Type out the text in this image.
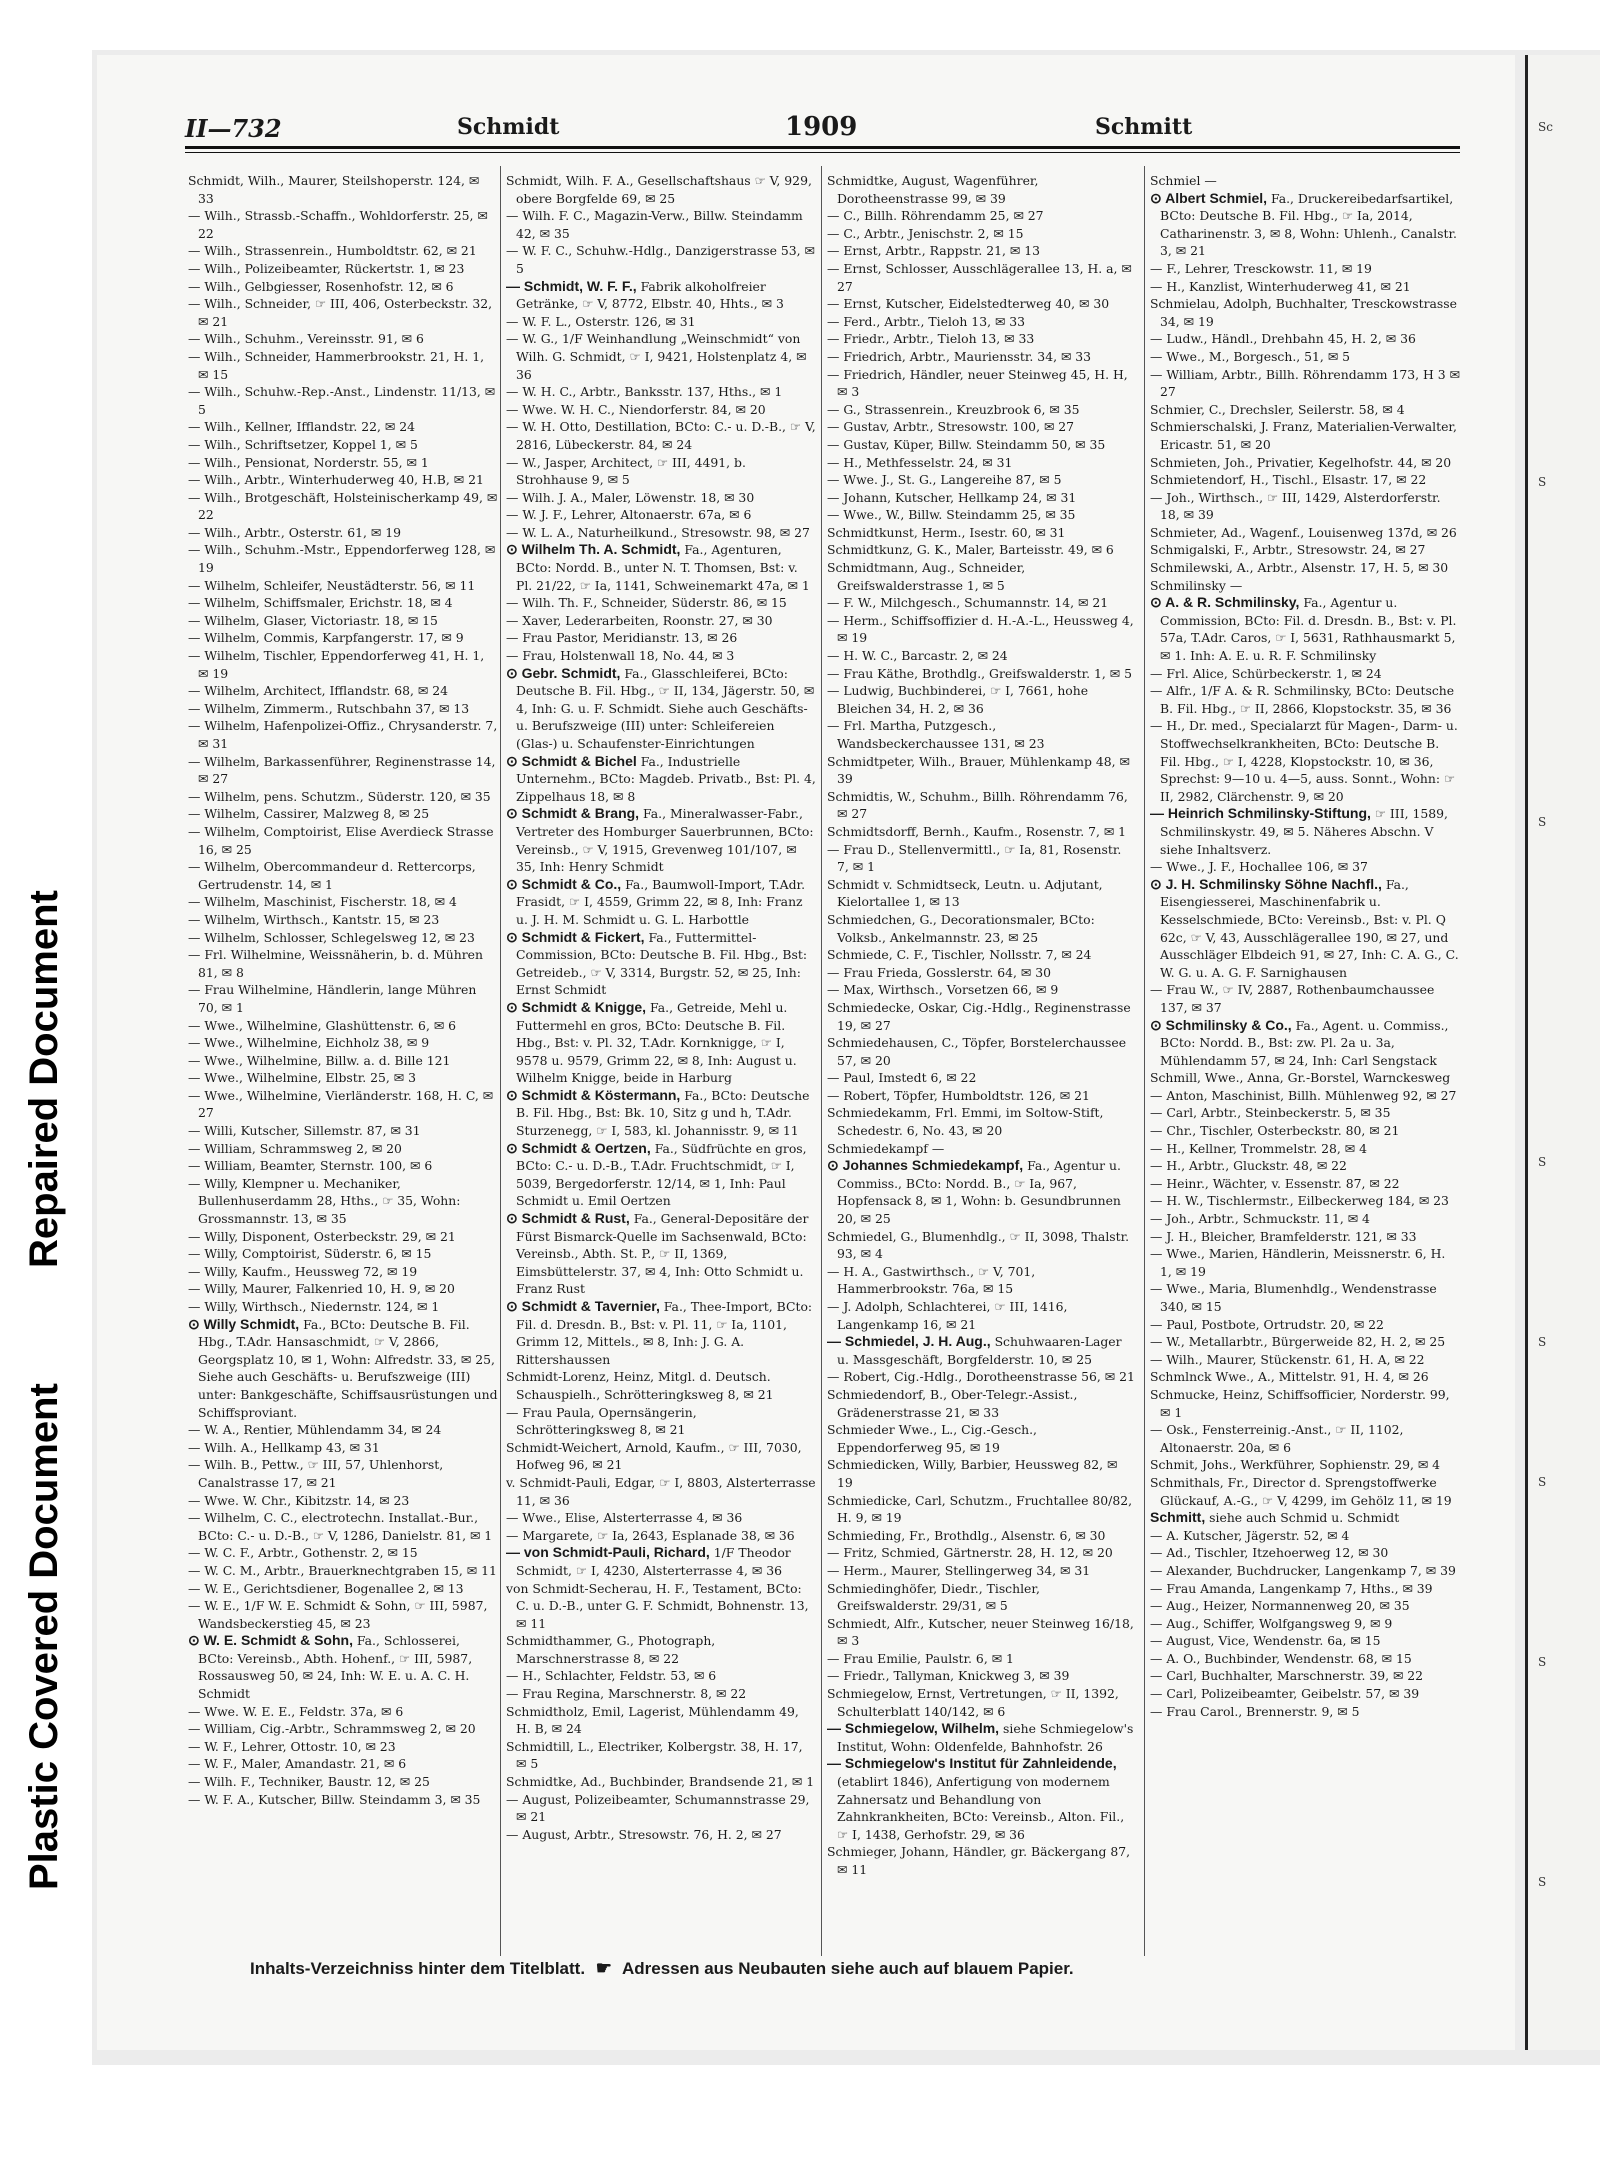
Repaired Document
Plastic Covered Document
Sc
S
S
S
S
S
S
S
II—732	Schmidt	1909	Schmitt
Schmidt, Wilh., Maurer, Steilshoperstr. 124, ✉ 33
— Wilh., Strassb.-Schaffn., Wohldorferstr. 25, ✉ 22
— Wilh., Strassenrein., Humboldtstr. 62, ✉ 21
— Wilh., Polizeibeamter, Rückertstr. 1, ✉ 23
— Wilh., Gelbgiesser, Rosenhofstr. 12, ✉ 6
— Wilh., Schneider, ☞ III, 406, Osterbeckstr. 32, ✉ 21
— Wilh., Schuhm., Vereinsstr. 91, ✉ 6
— Wilh., Schneider, Hammerbrookstr. 21, H. 1, ✉ 15
— Wilh., Schuhw.-Rep.-Anst., Lindenstr. 11/13, ✉ 5
— Wilh., Kellner, Ifflandstr. 22, ✉ 24
— Wilh., Schriftsetzer, Koppel 1, ✉ 5
— Wilh., Pensionat, Norderstr. 55, ✉ 1
— Wilh., Arbtr., Winterhuderweg 40, H.B, ✉ 21
— Wilh., Brotgeschäft, Holsteinischerkamp 49, ✉ 22
— Wilh., Arbtr., Osterstr. 61, ✉ 19
— Wilh., Schuhm.-Mstr., Eppendorferweg 128, ✉ 19
— Wilhelm, Schleifer, Neustädterstr. 56, ✉ 11
— Wilhelm, Schiffsmaler, Erichstr. 18, ✉ 4
— Wilhelm, Glaser, Victoriastr. 18, ✉ 15
— Wilhelm, Commis, Karpfangerstr. 17, ✉ 9
— Wilhelm, Tischler, Eppendorferweg 41, H. 1, ✉ 19
— Wilhelm, Architect, Ifflandstr. 68, ✉ 24
— Wilhelm, Zimmerm., Rutschbahn 37, ✉ 13
— Wilhelm, Hafenpolizei-Offiz., Chrysanderstr. 7, ✉ 31
— Wilhelm, Barkassenführer, Reginenstrasse 14, ✉ 27
— Wilhelm, pens. Schutzm., Süderstr. 120, ✉ 35
— Wilhelm, Cassirer, Malzweg 8, ✉ 25
— Wilhelm, Comptoirist, Elise Averdieck Strasse 16, ✉ 25
— Wilhelm, Obercommandeur d. Rettercorps, Gertrudenstr. 14, ✉ 1
— Wilhelm, Maschinist, Fischerstr. 18, ✉ 4
— Wilhelm, Wirthsch., Kantstr. 15, ✉ 23
— Wilhelm, Schlosser, Schlegelsweg 12, ✉ 23
— Frl. Wilhelmine, Weissnäherin, b. d. Mühren 81, ✉ 8
— Frau Wilhelmine, Händlerin, lange Mühren 70, ✉ 1
— Wwe., Wilhelmine, Glashüttenstr. 6, ✉ 6
— Wwe., Wilhelmine, Eichholz 38, ✉ 9
— Wwe., Wilhelmine, Billw. a. d. Bille 121
— Wwe., Wilhelmine, Elbstr. 25, ✉ 3
— Wwe., Wilhelmine, Vierländerstr. 168, H. C, ✉ 27
— Willi, Kutscher, Sillemstr. 87, ✉ 31
— William, Schrammsweg 2, ✉ 20
— William, Beamter, Sternstr. 100, ✉ 6
— Willy, Klempner u. Mechaniker, Bullenhuserdamm 28, Hths., ☞ 35, Wohn: Grossmannstr. 13, ✉ 35
— Willy, Disponent, Osterbeckstr. 29, ✉ 21
— Willy, Comptoirist, Süderstr. 6, ✉ 15
— Willy, Kaufm., Heussweg 72, ✉ 19
— Willy, Maurer, Falkenried 10, H. 9, ✉ 20
— Willy, Wirthsch., Niedernstr. 124, ✉ 1
⊙ Willy Schmidt, Fa., BCto: Deutsche B. Fil. Hbg., T.Adr. Hansaschmidt, ☞ V, 2866, Georgsplatz 10, ✉ 1, Wohn: Alfredstr. 33, ✉ 25, Siehe auch Geschäfts- u. Berufszweige (III) unter: Bankgeschäfte, Schiffsausrüstungen und Schiffsproviant.
— W. A., Rentier, Mühlendamm 34, ✉ 24
— Wilh. A., Hellkamp 43, ✉ 31
— Wilh. B., Pettw., ☞ III, 57, Uhlenhorst, Canalstrasse 17, ✉ 21
— Wwe. W. Chr., Kibitzstr. 14, ✉ 23
— Wilhelm, C. C., electrotechn. Installat.-Bur., BCto: C.- u. D.-B., ☞ V, 1286, Danielstr. 81, ✉ 1
— W. C. F., Arbtr., Gothenstr. 2, ✉ 15
— W. C. M., Arbtr., Brauerknechtgraben 15, ✉ 11
— W. E., Gerichtsdiener, Bogenallee 2, ✉ 13
— W. E., 1/F W. E. Schmidt & Sohn, ☞ III, 5987, Wandsbeckerstieg 45, ✉ 23
⊙ W. E. Schmidt & Sohn, Fa., Schlosserei, BCto: Vereinsb., Abth. Hohenf., ☞ III, 5987, Rossausweg 50, ✉ 24, Inh: W. E. u. A. C. H. Schmidt
— Wwe. W. E. E., Feldstr. 37a, ✉ 6
— William, Cig.-Arbtr., Schrammsweg 2, ✉ 20
— W. F., Lehrer, Ottostr. 10, ✉ 23
— W. F., Maler, Amandastr. 21, ✉ 6
— Wilh. F., Techniker, Baustr. 12, ✉ 25
— W. F. A., Kutscher, Billw. Steindamm 3, ✉ 35
Schmidt, Wilh. F. A., Gesellschaftshaus ☞ V, 929, obere Borgfelde 69, ✉ 25
— Wilh. F. C., Magazin-Verw., Billw. Steindamm 42, ✉ 35
— W. F. C., Schuhw.-Hdlg., Danzigerstrasse 53, ✉ 5
— Schmidt, W. F. F., Fabrik alkoholfreier Getränke, ☞ V, 8772, Elbstr. 40, Hhts., ✉ 3
— W. F. L., Osterstr. 126, ✉ 31
— W. G., 1/F Weinhandlung „Weinschmidt“ von Wilh. G. Schmidt, ☞ I, 9421, Holstenplatz 4, ✉ 36
— W. H. C., Arbtr., Banksstr. 137, Hths., ✉ 1
— Wwe. W. H. C., Niendorferstr. 84, ✉ 20
— W. H. Otto, Destillation, BCto: C.- u. D.-B., ☞ V, 2816, Lübeckerstr. 84, ✉ 24
— W., Jasper, Architect, ☞ III, 4491, b. Strohhause 9, ✉ 5
— Wilh. J. A., Maler, Löwenstr. 18, ✉ 30
— W. J. F., Lehrer, Altonaerstr. 67a, ✉ 6
— W. L. A., Naturheilkund., Stresowstr. 98, ✉ 27
⊙ Wilhelm Th. A. Schmidt, Fa., Agenturen, BCto: Nordd. B., unter N. T. Thomsen, Bst: v. Pl. 21/22, ☞ Ia, 1141, Schweinemarkt 47a, ✉ 1
— Wilh. Th. F., Schneider, Süderstr. 86, ✉ 15
— Xaver, Lederarbeiten, Roonstr. 27, ✉ 30
— Frau Pastor, Meridianstr. 13, ✉ 26
— Frau, Holstenwall 18, No. 44, ✉ 3
⊙ Gebr. Schmidt, Fa., Glasschleiferei, BCto: Deutsche B. Fil. Hbg., ☞ II, 134, Jägerstr. 50, ✉ 4, Inh: G. u. F. Schmidt. Siehe auch Geschäfts- u. Berufszweige (III) unter: Schleifereien (Glas-) u. Schaufenster-Einrichtungen
⊙ Schmidt & Bichel Fa., Industrielle Unternehm., BCto: Magdeb. Privatb., Bst: Pl. 4, Zippelhaus 18, ✉ 8
⊙ Schmidt & Brang, Fa., Mineralwasser-Fabr., Vertreter des Homburger Sauerbrunnen, BCto: Vereinsb., ☞ V, 1915, Grevenweg 101/107, ✉ 35, Inh: Henry Schmidt
⊙ Schmidt & Co., Fa., Baumwoll-Import, T.Adr. Frasidt, ☞ I, 4559, Grimm 22, ✉ 8, Inh: Franz u. J. H. M. Schmidt u. G. L. Harbottle
⊙ Schmidt & Fickert, Fa., Futtermittel-Commission, BCto: Deutsche B. Fil. Hbg., Bst: Getreideb., ☞ V, 3314, Burgstr. 52, ✉ 25, Inh: Ernst Schmidt
⊙ Schmidt & Knigge, Fa., Getreide, Mehl u. Futtermehl en gros, BCto: Deutsche B. Fil. Hbg., Bst: v. Pl. 32, T.Adr. Kornknigge, ☞ I, 9578 u. 9579, Grimm 22, ✉ 8, Inh: August u. Wilhelm Knigge, beide in Harburg
⊙ Schmidt & Köstermann, Fa., BCto: Deutsche B. Fil. Hbg., Bst: Bk. 10, Sitz g und h, T.Adr. Sturzenegg, ☞ I, 583, kl. Johannisstr. 9, ✉ 11
⊙ Schmidt & Oertzen, Fa., Südfrüchte en gros, BCto: C.- u. D.-B., T.Adr. Fruchtschmidt, ☞ I, 5039, Bergedorferstr. 12/14, ✉ 1, Inh: Paul Schmidt u. Emil Oertzen
⊙ Schmidt & Rust, Fa., General-Depositäre der Fürst Bismarck-Quelle im Sachsenwald, BCto: Vereinsb., Abth. St. P., ☞ II, 1369, Eimsbüttelerstr. 37, ✉ 4, Inh: Otto Schmidt u. Franz Rust
⊙ Schmidt & Tavernier, Fa., Thee-Import, BCto: Fil. d. Dresdn. B., Bst: v. Pl. 11, ☞ Ia, 1101, Grimm 12, Mittels., ✉ 8, Inh: J. G. A. Rittershaussen
Schmidt-Lorenz, Heinz, Mitgl. d. Deutsch. Schauspielh., Schrötteringksweg 8, ✉ 21
— Frau Paula, Opernsängerin, Schrötteringksweg 8, ✉ 21
Schmidt-Weichert, Arnold, Kaufm., ☞ III, 7030, Hofweg 96, ✉ 21
v. Schmidt-Pauli, Edgar, ☞ I, 8803, Alsterterrasse 11, ✉ 36
— Wwe., Elise, Alsterterrasse 4, ✉ 36
— Margarete, ☞ Ia, 2643, Esplanade 38, ✉ 36
— von Schmidt-Pauli, Richard, 1/F Theodor Schmidt, ☞ I, 4230, Alsterterrasse 4, ✉ 36
von Schmidt-Secherau, H. F., Testament, BCto: C. u. D.-B., unter G. F. Schmidt, Bohnenstr. 13, ✉ 11
Schmidthammer, G., Photograph, Marschnerstrasse 8, ✉ 22
— H., Schlachter, Feldstr. 53, ✉ 6
— Frau Regina, Marschnerstr. 8, ✉ 22
Schmidtholz, Emil, Lagerist, Mühlendamm 49, H. B, ✉ 24
Schmidtill, L., Electriker, Kolbergstr. 38, H. 17, ✉ 5
Schmidtke, Ad., Buchbinder, Brandsende 21, ✉ 1
— August, Polizeibeamter, Schumannstrasse 29, ✉ 21
— August, Arbtr., Stresowstr. 76, H. 2, ✉ 27
Schmidtke, August, Wagenführer, Dorotheenstrasse 99, ✉ 39
— C., Billh. Röhrendamm 25, ✉ 27
— C., Arbtr., Jenischstr. 2, ✉ 15
— Ernst, Arbtr., Rappstr. 21, ✉ 13
— Ernst, Schlosser, Ausschlägerallee 13, H. a, ✉ 27
— Ernst, Kutscher, Eidelstedterweg 40, ✉ 30
— Ferd., Arbtr., Tieloh 13, ✉ 33
— Friedr., Arbtr., Tieloh 13, ✉ 33
— Friedrich, Arbtr., Mauriensstr. 34, ✉ 33
— Friedrich, Händler, neuer Steinweg 45, H. H, ✉ 3
— G., Strassenrein., Kreuzbrook 6, ✉ 35
— Gustav, Arbtr., Stresowstr. 100, ✉ 27
— Gustav, Küper, Billw. Steindamm 50, ✉ 35
— H., Methfesselstr. 24, ✉ 31
— Wwe. J., St. G., Langereihe 87, ✉ 5
— Johann, Kutscher, Hellkamp 24, ✉ 31
— Wwe., W., Billw. Steindamm 25, ✉ 35
Schmidtkunst, Herm., Isestr. 60, ✉ 31
Schmidtkunz, G. K., Maler, Barteisstr. 49, ✉ 6
Schmidtmann, Aug., Schneider, Greifswalderstrasse 1, ✉ 5
— F. W., Milchgesch., Schumannstr. 14, ✉ 21
— Herm., Schiffsoffizier d. H.-A.-L., Heussweg 4, ✉ 19
— H. W. C., Barcastr. 2, ✉ 24
— Frau Käthe, Brothdlg., Greifswalderstr. 1, ✉ 5
— Ludwig, Buchbinderei, ☞ I, 7661, hohe Bleichen 34, H. 2, ✉ 36
— Frl. Martha, Putzgesch., Wandsbeckerchaussee 131, ✉ 23
Schmidtpeter, Wilh., Brauer, Mühlenkamp 48, ✉ 39
Schmidtis, W., Schuhm., Billh. Röhrendamm 76, ✉ 27
Schmidtsdorff, Bernh., Kaufm., Rosenstr. 7, ✉ 1
— Frau D., Stellenvermittl., ☞ Ia, 81, Rosenstr. 7, ✉ 1
Schmidt v. Schmidtseck, Leutn. u. Adjutant, Kielortallee 1, ✉ 13
Schmiedchen, G., Decorationsmaler, BCto: Volksb., Ankelmannstr. 23, ✉ 25
Schmiede, C. F., Tischler, Nollsstr. 7, ✉ 24
— Frau Frieda, Gosslerstr. 64, ✉ 30
— Max, Wirthsch., Vorsetzen 66, ✉ 9
Schmiedecke, Oskar, Cig.-Hdlg., Reginenstrasse 19, ✉ 27
Schmiedehausen, C., Töpfer, Borstelerchaussee 57, ✉ 20
— Paul, Imstedt 6, ✉ 22
— Robert, Töpfer, Humboldtstr. 126, ✉ 21
Schmiedekamm, Frl. Emmi, im Soltow-Stift, Schedestr. 6, No. 43, ✉ 20
Schmiedekampf —
⊙ Johannes Schmiedekampf, Fa., Agentur u. Commiss., BCto: Nordd. B., ☞ Ia, 967, Hopfensack 8, ✉ 1, Wohn: b. Gesundbrunnen 20, ✉ 25
Schmiedel, G., Blumenhdlg., ☞ II, 3098, Thalstr. 93, ✉ 4
— H. A., Gastwirthsch., ☞ V, 701, Hammerbrookstr. 76a, ✉ 15
— J. Adolph, Schlachterei, ☞ III, 1416, Langenkamp 16, ✉ 21
— Schmiedel, J. H. Aug., Schuhwaaren-Lager u. Massgeschäft, Borgfelderstr. 10, ✉ 25
— Robert, Cig.-Hdlg., Dorotheenstrasse 56, ✉ 21
Schmiedendorf, B., Ober-Telegr.-Assist., Grädenerstrasse 21, ✉ 33
Schmieder Wwe., L., Cig.-Gesch., Eppendorferweg 95, ✉ 19
Schmiedicken, Willy, Barbier, Heussweg 82, ✉ 19
Schmiedicke, Carl, Schutzm., Fruchtallee 80/82, H. 9, ✉ 19
Schmieding, Fr., Brothdlg., Alsenstr. 6, ✉ 30
— Fritz, Schmied, Gärtnerstr. 28, H. 12, ✉ 20
— Herm., Maurer, Stellingerweg 34, ✉ 31
Schmiedinghöfer, Diedr., Tischler, Greifswalderstr. 29/31, ✉ 5
Schmiedt, Alfr., Kutscher, neuer Steinweg 16/18, ✉ 3
— Frau Emilie, Paulstr. 6, ✉ 1
— Friedr., Tallyman, Knickweg 3, ✉ 39
Schmiegelow, Ernst, Vertretungen, ☞ II, 1392, Schulterblatt 140/142, ✉ 6
— Schmiegelow, Wilhelm, siehe Schmiegelow's Institut, Wohn: Oldenfelde, Bahnhofstr. 26
— Schmiegelow's Institut für Zahnleidende, (etablirt 1846), Anfertigung von modernem Zahnersatz und Behandlung von Zahnkrankheiten, BCto: Vereinsb., Alton. Fil., ☞ I, 1438, Gerhofstr. 29, ✉ 36
Schmieger, Johann, Händler, gr. Bäckergang 87, ✉ 11
Schmiel —
⊙ Albert Schmiel, Fa., Druckereibedarfsartikel, BCto: Deutsche B. Fil. Hbg., ☞ Ia, 2014, Catharinenstr. 3, ✉ 8, Wohn: Uhlenh., Canalstr. 3, ✉ 21
— F., Lehrer, Tresckowstr. 11, ✉ 19
— H., Kanzlist, Winterhuderweg 41, ✉ 21
Schmielau, Adolph, Buchhalter, Tresckowstrasse 34, ✉ 19
— Ludw., Händl., Drehbahn 45, H. 2, ✉ 36
— Wwe., M., Borgesch., 51, ✉ 5
— William, Arbtr., Billh. Röhrendamm 173, H 3 ✉ 27
Schmier, C., Drechsler, Seilerstr. 58, ✉ 4
Schmierschalski, J. Franz, Materialien-Verwalter, Ericastr. 51, ✉ 20
Schmieten, Joh., Privatier, Kegelhofstr. 44, ✉ 20
Schmietendorf, H., Tischl., Elsastr. 17, ✉ 22
— Joh., Wirthsch., ☞ III, 1429, Alsterdorferstr. 18, ✉ 39
Schmieter, Ad., Wagenf., Louisenweg 137d, ✉ 26
Schmigalski, F., Arbtr., Stresowstr. 24, ✉ 27
Schmilewski, A., Arbtr., Alsenstr. 17, H. 5, ✉ 30
Schmilinsky —
⊙ A. & R. Schmilinsky, Fa., Agentur u. Commission, BCto: Fil. d. Dresdn. B., Bst: v. Pl. 57a, T.Adr. Caros, ☞ I, 5631, Rathhausmarkt 5, ✉ 1. Inh: A. E. u. R. F. Schmilinsky
— Frl. Alice, Schürbeckerstr. 1, ✉ 24
— Alfr., 1/F A. & R. Schmilinsky, BCto: Deutsche B. Fil. Hbg., ☞ II, 2866, Klopstockstr. 35, ✉ 36
— H., Dr. med., Specialarzt für Magen-, Darm- u. Stoffwechselkrankheiten, BCto: Deutsche B. Fil. Hbg., ☞ I, 4228, Klopstockstr. 10, ✉ 36, Sprechst: 9—10 u. 4—5, auss. Sonnt., Wohn: ☞ II, 2982, Clärchenstr. 9, ✉ 20
— Heinrich Schmilinsky-Stiftung, ☞ III, 1589, Schmilinskystr. 49, ✉ 5. Näheres Abschn. V siehe Inhaltsverz.
— Wwe., J. F., Hochallee 106, ✉ 37
⊙ J. H. Schmilinsky Söhne Nachfl., Fa., Eisengiesserei, Maschinenfabrik u. Kesselschmiede, BCto: Vereinsb., Bst: v. Pl. Q 62c, ☞ V, 43, Ausschlägerallee 190, ✉ 27, und Ausschläger Elbdeich 91, ✉ 27, Inh: C. A. G., C. W. G. u. A. G. F. Sarnighausen
— Frau W., ☞ IV, 2887, Rothenbaumchaussee 137, ✉ 37
⊙ Schmilinsky & Co., Fa., Agent. u. Commiss., BCto: Nordd. B., Bst: zw. Pl. 2a u. 3a, Mühlendamm 57, ✉ 24, Inh: Carl Sengstack
Schmill, Wwe., Anna, Gr.-Borstel, Warnckesweg
— Anton, Maschinist, Billh. Mühlenweg 92, ✉ 27
— Carl, Arbtr., Steinbeckerstr. 5, ✉ 35
— Chr., Tischler, Osterbeckstr. 80, ✉ 21
— H., Kellner, Trommelstr. 28, ✉ 4
— H., Arbtr., Gluckstr. 48, ✉ 22
— Heinr., Wächter, v. Essenstr. 87, ✉ 22
— H. W., Tischlermstr., Eilbeckerweg 184, ✉ 23
— Joh., Arbtr., Schmuckstr. 11, ✉ 4
— J. H., Bleicher, Bramfelderstr. 121, ✉ 33
— Wwe., Marien, Händlerin, Meissnerstr. 6, H. 1, ✉ 19
— Wwe., Maria, Blumenhdlg., Wendenstrasse 340, ✉ 15
— Paul, Postbote, Ortrudstr. 20, ✉ 22
— W., Metallarbtr., Bürgerweide 82, H. 2, ✉ 25
— Wilh., Maurer, Stückenstr. 61, H. A, ✉ 22
Schmlnck Wwe., A., Mittelstr. 91, H. 4, ✉ 26
Schmucke, Heinz, Schiffsofficier, Norderstr. 99, ✉ 1
— Osk., Fensterreinig.-Anst., ☞ II, 1102, Altonaerstr. 20a, ✉ 6
Schmit, Johs., Werkführer, Sophienstr. 29, ✉ 4
Schmithals, Fr., Director d. Sprengstoffwerke Glückauf, A.-G., ☞ V, 4299, im Gehölz 11, ✉ 19
Schmitt, siehe auch Schmid u. Schmidt
— A. Kutscher, Jägerstr. 52, ✉ 4
— Ad., Tischler, Itzehoerweg 12, ✉ 30
— Alexander, Buchdrucker, Langenkamp 7, ✉ 39
— Frau Amanda, Langenkamp 7, Hths., ✉ 39
— Aug., Heizer, Normannenweg 20, ✉ 35
— Aug., Schiffer, Wolfgangsweg 9, ✉ 9
— August, Vice, Wendenstr. 6a, ✉ 15
— A. O., Buchbinder, Wendenstr. 68, ✉ 15
— Carl, Buchhalter, Marschnerstr. 39, ✉ 22
— Carl, Polizeibeamter, Geibelstr. 57, ✉ 39
— Frau Carol., Brennerstr. 9, ✉ 5
Inhalts-Verzeichniss hinter dem Titelblatt. ☛ Adressen aus Neubauten siehe auch auf blauem Papier.
